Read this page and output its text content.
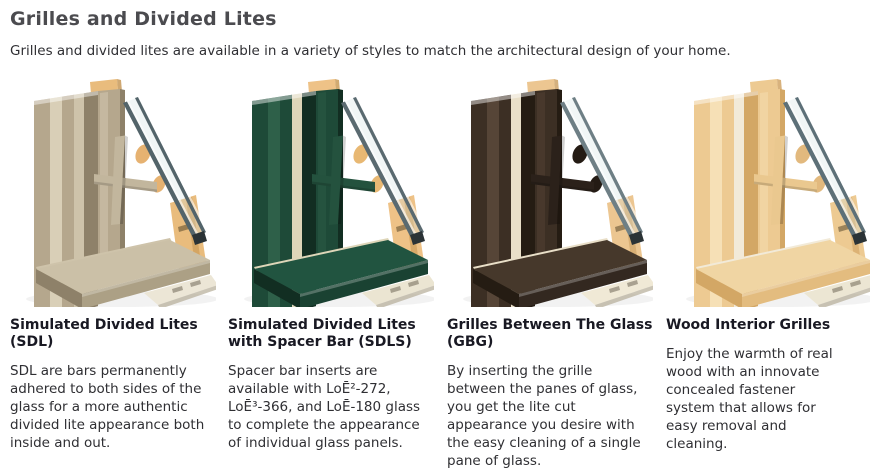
Grilles and Divided Lites

Grilles and divided lites are available in a variety of styles to match the architectural design of your home.

Simulated Divided Lites (SDL)

SDL are bars permanently adhered to both sides of the glass for a more authentic divided lite appearance both inside and out.

Simulated Divided Lites with Spacer Bar (SDLS)

Spacer bar inserts are available with LoĒ²-272, LoĒ³-366, and LoĒ-180 glass to complete the appearance of individual glass panels.

Grilles Between The Glass (GBG)

By inserting the grille between the panes of glass, you get the lite cut appearance you desire with the easy cleaning of a single pane of glass.

Wood Interior Grilles

Enjoy the warmth of real wood with an innovate concealed fastener system that allows for easy removal and cleaning.
